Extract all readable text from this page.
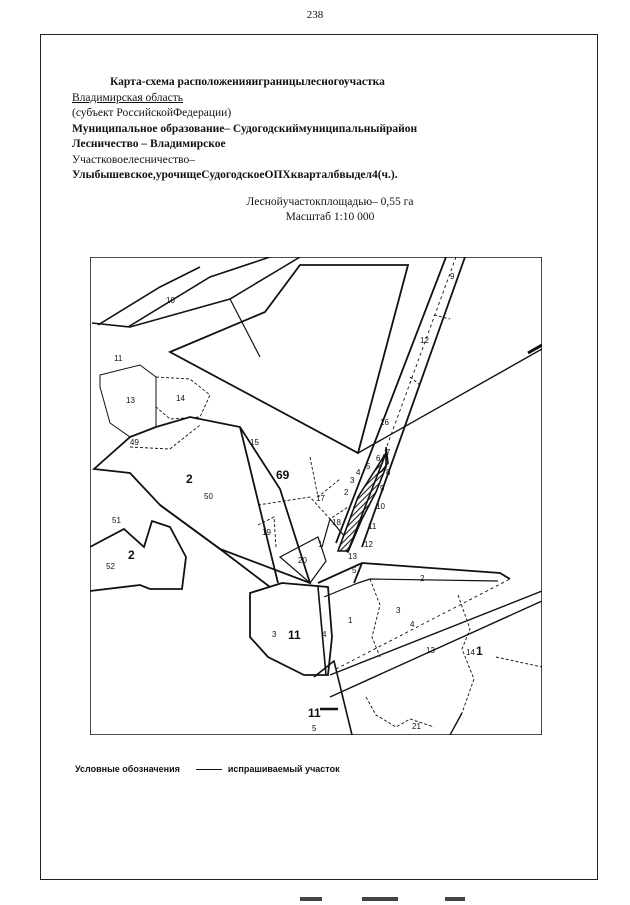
238
Карта-схема расположенияиграницылесногоучастка
Владимирская область
(субъект РоссийскойФедерации)
Муниципальное образование– Судогодскиймуниципальныйрайон
Лесничество – Владимирское
Участковоелесничество–
Улыбышевское,урочищеСудогодскоеОПХкварталбвыдел4(ч.).
Леснойучастокплощадью– 0,55 га
Масштаб 1:10 000
9
10
12
11
13	14
49	15
69
16
2
50
51
2
52
17
19
18
1
20
3
4
5
6
7
8
9
10
2
11
12
13
5
2
1
3
3 11	4
4
13	14 1
11
5	21
Условные обозначения	испрашиваемый участок
